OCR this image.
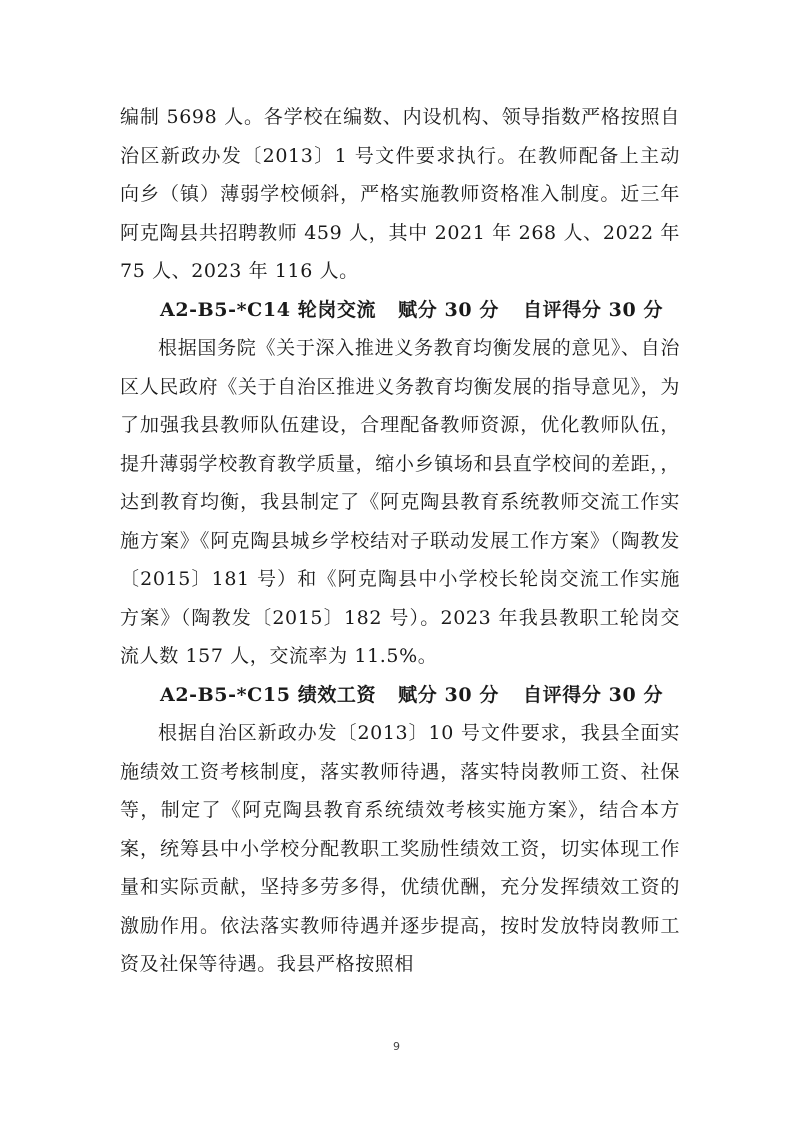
编制 5698 人。各学校在编数、内设机构、领导指数严格按照自治区新政办发〔2013〕1 号文件要求执行。在教师配备上主动向乡（镇）薄弱学校倾斜，严格实施教师资格准入制度。近三年阿克陶县共招聘教师 459 人，其中 2021 年 268 人、2022 年 75 人、2023 年 116 人。

A2-B5-*C14 轮岗交流 赋分 30 分 自评得分 30 分

根据国务院《关于深入推进义务教育均衡发展的意见》、自治区人民政府《关于自治区推进义务教育均衡发展的指导意见》，为了加强我县教师队伍建设，合理配备教师资源，优化教师队伍，提升薄弱学校教育教学质量，缩小乡镇场和县直学校间的差距，，达到教育均衡，我县制定了《阿克陶县教育系统教师交流工作实施方案》《阿克陶县城乡学校结对子联动发展工作方案》（陶教发〔2015〕181 号）和《阿克陶县中小学校长轮岗交流工作实施方案》（陶教发〔2015〕182 号）。2023 年我县教职工轮岗交流人数 157 人，交流率为 11.5%。

A2-B5-*C15 绩效工资 赋分 30 分 自评得分 30 分

根据自治区新政办发〔2013〕10 号文件要求，我县全面实施绩效工资考核制度，落实教师待遇，落实特岗教师工资、社保等，制定了《阿克陶县教育系统绩效考核实施方案》，结合本方案，统筹县中小学校分配教职工奖励性绩效工资，切实体现工作量和实际贡献，坚持多劳多得，优绩优酬，充分发挥绩效工资的激励作用。依法落实教师待遇并逐步提高，按时发放特岗教师工资及社保等待遇。我县严格按照相

9
